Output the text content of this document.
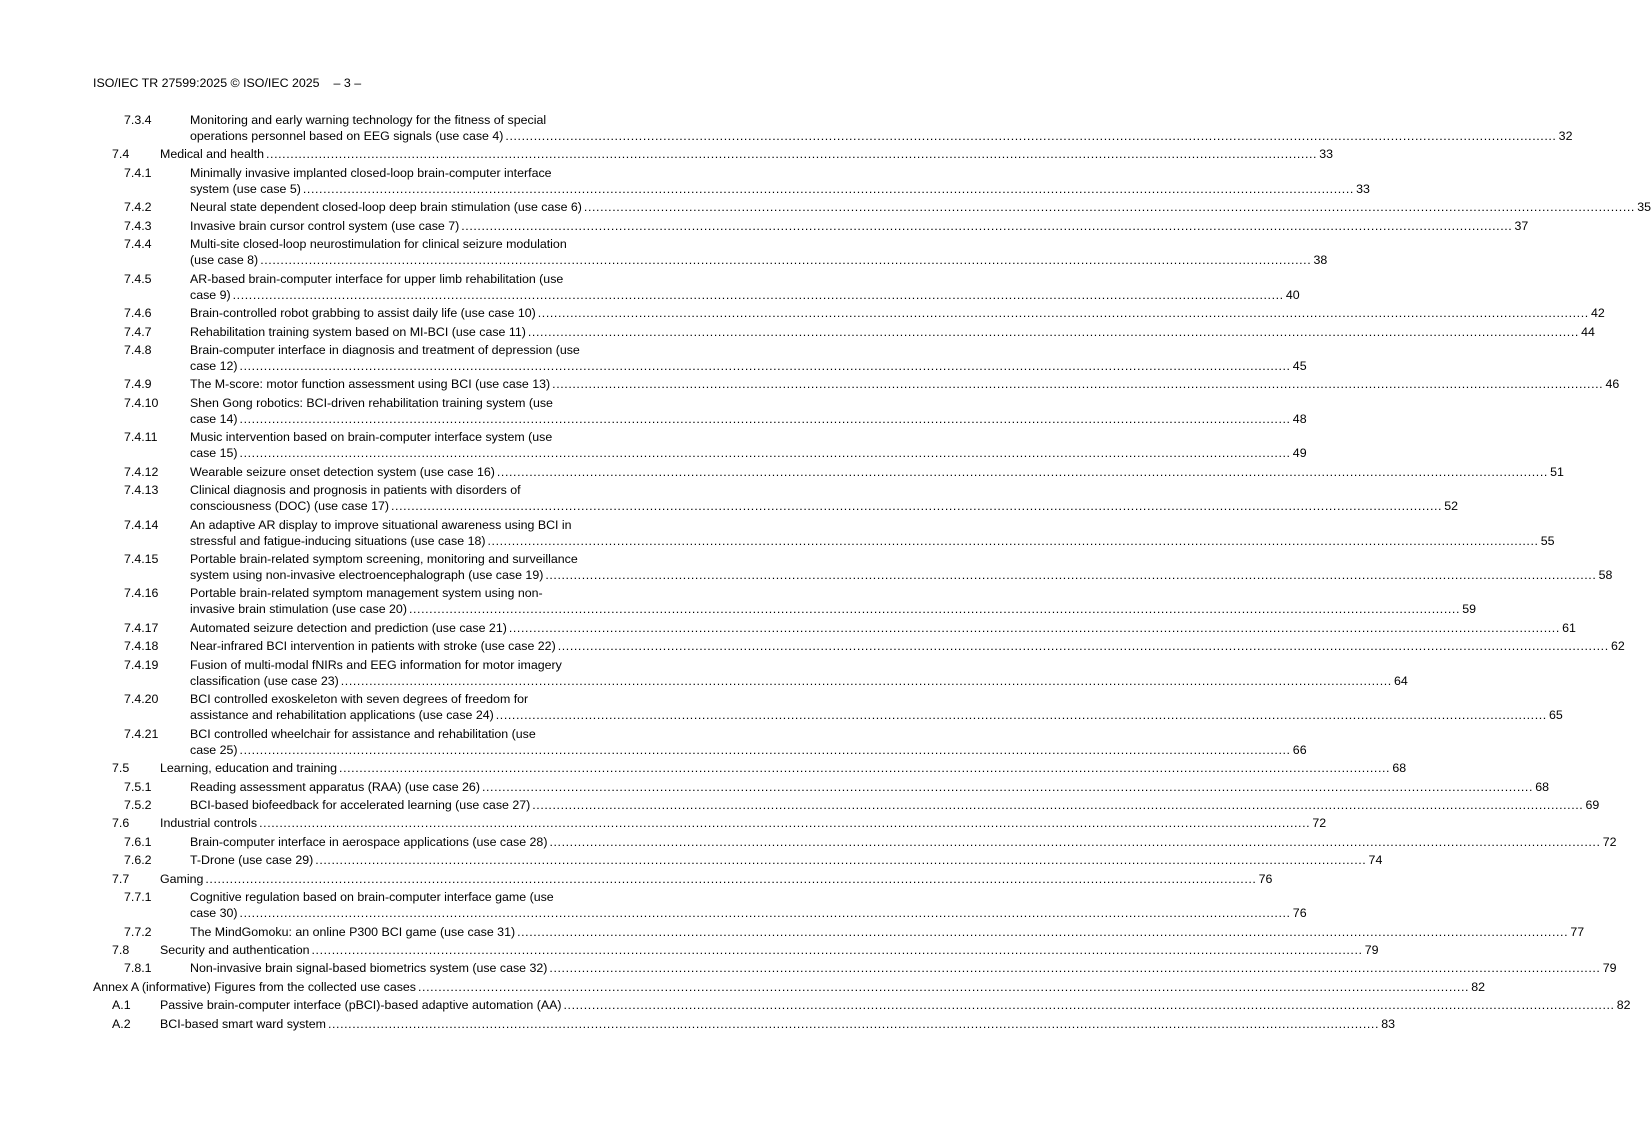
ISO/IEC TR 27599:2025 © ISO/IEC 2025 – 3 –
7.3.4	Monitoring and early warning technology for the fitness of special
operations personnel based on EEG signals (use case 4) .................................................................................................................................................................................................................................................................... 32
7.4 Medical and health .................................................................................................................................................................................................................................................................... 33
7.4.1	Minimally invasive implanted closed-loop brain-computer interface
system (use case 5) .................................................................................................................................................................................................................................................................... 33
7.4.2	Neural state dependent closed-loop deep brain stimulation (use case 6) .................................................................................................................................................................................................................................................................... 35
7.4.3	Invasive brain cursor control system (use case 7) .................................................................................................................................................................................................................................................................... 37
7.4.4	Multi-site closed-loop neurostimulation for clinical seizure modulation
(use case 8) .................................................................................................................................................................................................................................................................... 38
7.4.5	AR-based brain-computer interface for upper limb rehabilitation (use
case 9) .................................................................................................................................................................................................................................................................... 40
7.4.6	Brain-controlled robot grabbing to assist daily life (use case 10) .................................................................................................................................................................................................................................................................... 42
7.4.7	Rehabilitation training system based on MI-BCI (use case 11) .................................................................................................................................................................................................................................................................... 44
7.4.8	Brain-computer interface in diagnosis and treatment of depression (use
case 12) .................................................................................................................................................................................................................................................................... 45
7.4.9	The M-score: motor function assessment using BCI (use case 13) .................................................................................................................................................................................................................................................................... 46
7.4.10	Shen Gong robotics: BCI-driven rehabilitation training system (use
case 14) .................................................................................................................................................................................................................................................................... 48
7.4.11	Music intervention based on brain-computer interface system (use
case 15) .................................................................................................................................................................................................................................................................... 49
7.4.12	Wearable seizure onset detection system (use case 16) .................................................................................................................................................................................................................................................................... 51
7.4.13	Clinical diagnosis and prognosis in patients with disorders of
consciousness (DOC) (use case 17) .................................................................................................................................................................................................................................................................... 52
7.4.14	An adaptive AR display to improve situational awareness using BCI in
stressful and fatigue-inducing situations (use case 18) .................................................................................................................................................................................................................................................................... 55
7.4.15	Portable brain-related symptom screening, monitoring and surveillance
system using non-invasive electroencephalograph (use case 19) .................................................................................................................................................................................................................................................................... 58
7.4.16	Portable brain-related symptom management system using non-
invasive brain stimulation (use case 20) .................................................................................................................................................................................................................................................................... 59
7.4.17	Automated seizure detection and prediction (use case 21) .................................................................................................................................................................................................................................................................... 61
7.4.18	Near-infrared BCI intervention in patients with stroke (use case 22) .................................................................................................................................................................................................................................................................... 62
7.4.19	Fusion of multi-modal fNIRs and EEG information for motor imagery
classification (use case 23) .................................................................................................................................................................................................................................................................... 64
7.4.20	BCI controlled exoskeleton with seven degrees of freedom for
assistance and rehabilitation applications (use case 24) .................................................................................................................................................................................................................................................................... 65
7.4.21	BCI controlled wheelchair for assistance and rehabilitation (use
case 25) .................................................................................................................................................................................................................................................................... 66
7.5 Learning, education and training .................................................................................................................................................................................................................................................................... 68
7.5.1	Reading assessment apparatus (RAA) (use case 26) .................................................................................................................................................................................................................................................................... 68
7.5.2	BCI-based biofeedback for accelerated learning (use case 27) .................................................................................................................................................................................................................................................................... 69
7.6 Industrial controls .................................................................................................................................................................................................................................................................... 72
7.6.1	Brain-computer interface in aerospace applications (use case 28) .................................................................................................................................................................................................................................................................... 72
7.6.2	T-Drone (use case 29) .................................................................................................................................................................................................................................................................... 74
7.7 Gaming .................................................................................................................................................................................................................................................................... 76
7.7.1	Cognitive regulation based on brain-computer interface game (use
case 30) .................................................................................................................................................................................................................................................................... 76
7.7.2	The MindGomoku: an online P300 BCI game (use case 31) .................................................................................................................................................................................................................................................................... 77
7.8 Security and authentication .................................................................................................................................................................................................................................................................... 79
7.8.1	Non-invasive brain signal-based biometrics system (use case 32) .................................................................................................................................................................................................................................................................... 79
Annex A (informative) Figures from the collected use cases .................................................................................................................................................................................................................................................................... 82
A.1 Passive brain-computer interface (pBCI)-based adaptive automation (AA) .................................................................................................................................................................................................................................................................... 82
A.2 BCI-based smart ward system .................................................................................................................................................................................................................................................................... 83
